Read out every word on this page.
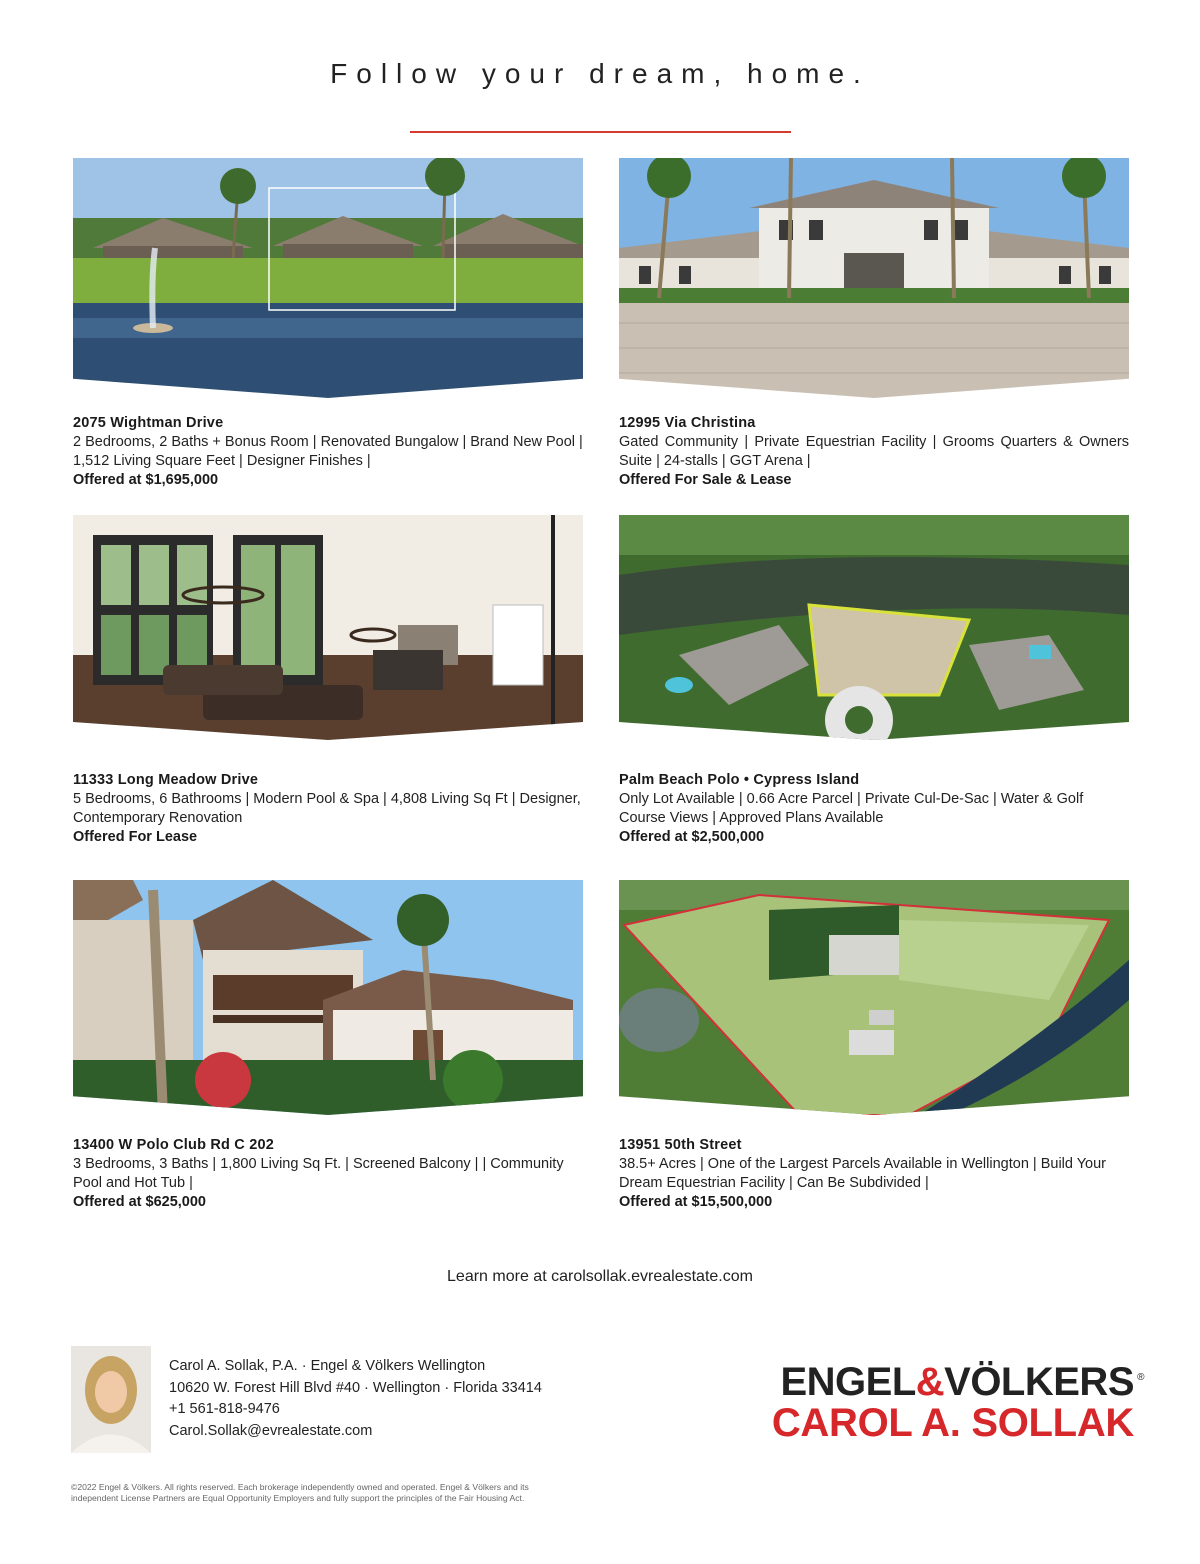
Follow your dream, home.
2075 Wightman Drive
2 Bedrooms, 2 Baths + Bonus Room | Renovated Bungalow | Brand New Pool | 1,512 Living Square Feet | Designer Finishes |
Offered at $1,695,000
12995 Via Christina
Gated Community | Private Equestrian Facility | Grooms Quarters & Owners Suite | 24-stalls | GGT Arena |
Offered For Sale & Lease
11333 Long Meadow Drive
5 Bedrooms, 6 Bathrooms | Modern Pool & Spa | 4,808 Living Sq Ft | Designer, Contemporary Renovation
Offered For Lease
Palm Beach Polo • Cypress Island
Only Lot Available | 0.66 Acre Parcel | Private Cul-De-Sac | Water & Golf Course Views | Approved Plans Available
Offered at $2,500,000
13400 W Polo Club Rd C 202
3 Bedrooms, 3 Baths | 1,800 Living Sq Ft. | Screened Balcony | | Community Pool and Hot Tub |
Offered at $625,000
13951 50th Street
38.5+ Acres | One of the Largest Parcels Available in Wellington | Build Your Dream Equestrian Facility | Can Be Subdivided |
Offered at $15,500,000
Learn more at carolsollak.evrealestate.com
Carol A. Sollak, P.A. · Engel & Völkers Wellington
10620 W. Forest Hill Blvd #40 · Wellington · Florida 33414
+1 561-818-9476
Carol.Sollak@evrealestate.com
ENGEL&VÖLKERS ®
CAROL A. SOLLAK
©2022 Engel & Völkers. All rights reserved. Each brokerage independently owned and operated. Engel & Völkers and its independent License Partners are Equal Opportunity Employers and fully support the principles of the Fair Housing Act.
